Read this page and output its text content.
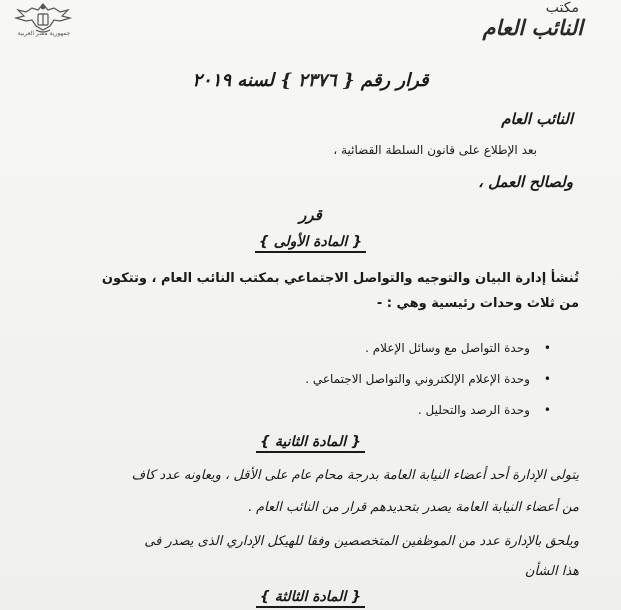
جمهورية مصر العربية
مكتب
النائب العام
قرار رقم { ٢٣٧٦ } لسنه ٢٠١٩
النائب العام
بعد الإطلاع على قانون السلطة القضائية ،
ولصالح العمل ،
قرر
{ المادة الأولى }
تُنشأ إدارة البيان والتوجيه والتواصل الاجتماعي بمكتب النائب العام ، وتتكون
من ثلاث وحدات رئيسية وهي : -
•وحدة التواصل مع وسائل الإعلام .
•وحدة الإعلام الإلكتروني والتواصل الاجتماعي .
•وحدة الرصد والتحليل .
{ المادة الثانية }
يتولى الإدارة أحد أعضاء النيابة العامة بدرجة محام عام على الأقل ، ويعاونه عدد كاف
من أعضاء النيابة العامة يصدر بتحديدهم قرار من النائب العام .
ويلحق بالإدارة عدد من الموظفين المتخصصين وفقا للهيكل الإداري الذى يصدر فى
هذا الشأن
{ المادة الثالثة }
